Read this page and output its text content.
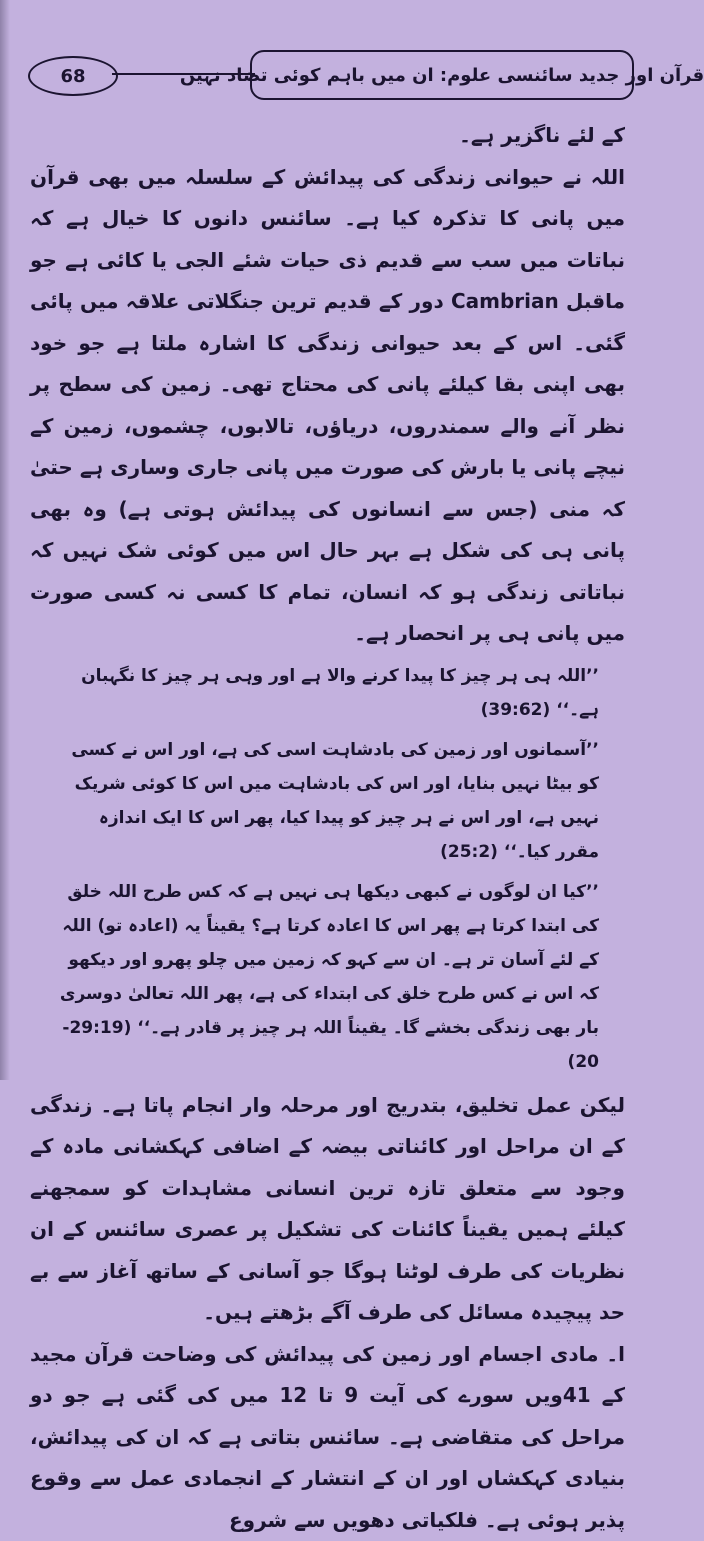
68	قرآن اور جدید سائنسی علوم: ان میں باہم کوئی تضاد نہیں

کے لئے ناگزیر ہے۔

اللہ نے حیوانی زندگی کی پیدائش کے سلسلہ میں بھی قرآن میں پانی کا تذکرہ کیا ہے۔ سائنس دانوں کا خیال ہے کہ نباتات میں سب سے قدیم ذی حیات شئے الجی یا کائی ہے جو ماقبل Cambrian دور کے قدیم ترین جنگلاتی علاقہ میں پائی گئی۔ اس کے بعد حیوانی زندگی کا اشارہ ملتا ہے جو خود بھی اپنی بقا کیلئے پانی کی محتاج تھی۔ زمین کی سطح پر نظر آنے والے سمندروں، دریاؤں، تالابوں، چشموں، زمین کے نیچے پانی یا بارش کی صورت میں پانی جاری وساری ہے حتیٰ کہ منی (جس سے انسانوں کی پیدائش ہوتی ہے) وہ بھی پانی ہی کی شکل ہے بہر حال اس میں کوئی شک نہیں کہ نباتاتی زندگی ہو کہ انسان، تمام کا کسی نہ کسی صورت میں پانی ہی پر انحصار ہے۔

’’اللہ ہی ہر چیز کا پیدا کرنے والا ہے اور وہی ہر چیز کا نگہبان ہے۔‘‘ (39:62)

’’آسمانوں اور زمین کی بادشاہت اسی کی ہے، اور اس نے کسی کو بیٹا نہیں بنایا، اور اس کی بادشاہت میں اس کا کوئی شریک نہیں ہے، اور اس نے ہر چیز کو پیدا کیا، پھر اس کا ایک اندازہ مقرر کیا۔‘‘ (25:2)

’’کیا ان لوگوں نے کبھی دیکھا ہی نہیں ہے کہ کس طرح اللہ خلق کی ابتدا کرتا ہے پھر اس کا اعادہ کرتا ہے؟ یقیناً یہ (اعادہ تو) اللہ کے لئے آسان تر ہے۔ ان سے کہو کہ زمین میں چلو پھرو اور دیکھو کہ اس نے کس طرح خلق کی ابتداء کی ہے، پھر اللہ تعالیٰ دوسری بار بھی زندگی بخشے گا۔ یقیناً اللہ ہر چیز پر قادر ہے۔‘‘ (29:19-20)

لیکن عمل تخلیق، بتدریج اور مرحلہ وار انجام پاتا ہے۔ زندگی کے ان مراحل اور کائناتی بیضہ کے اضافی کہکشانی مادہ کے وجود سے متعلق تازہ ترین انسانی مشاہدات کو سمجھنے کیلئے ہمیں یقیناً کائنات کی تشکیل پر عصری سائنس کے ان نظریات کی طرف لوٹنا ہوگا جو آسانی کے ساتھ آغاز سے بے حد پیچیدہ مسائل کی طرف آگے بڑھتے ہیں۔

ا۔ مادی اجسام اور زمین کی پیدائش کی وضاحت قرآن مجید کے 41ویں سورے کی آیت 9 تا 12 میں کی گئی ہے جو دو مراحل کی متقاضی ہے۔ سائنس بتاتی ہے کہ ان کی پیدائش، بنیادی کہکشاں اور ان کے انتشار کے انجمادی عمل سے وقوع پذیر ہوئی ہے۔ فلکیاتی دھویں سے شروع
